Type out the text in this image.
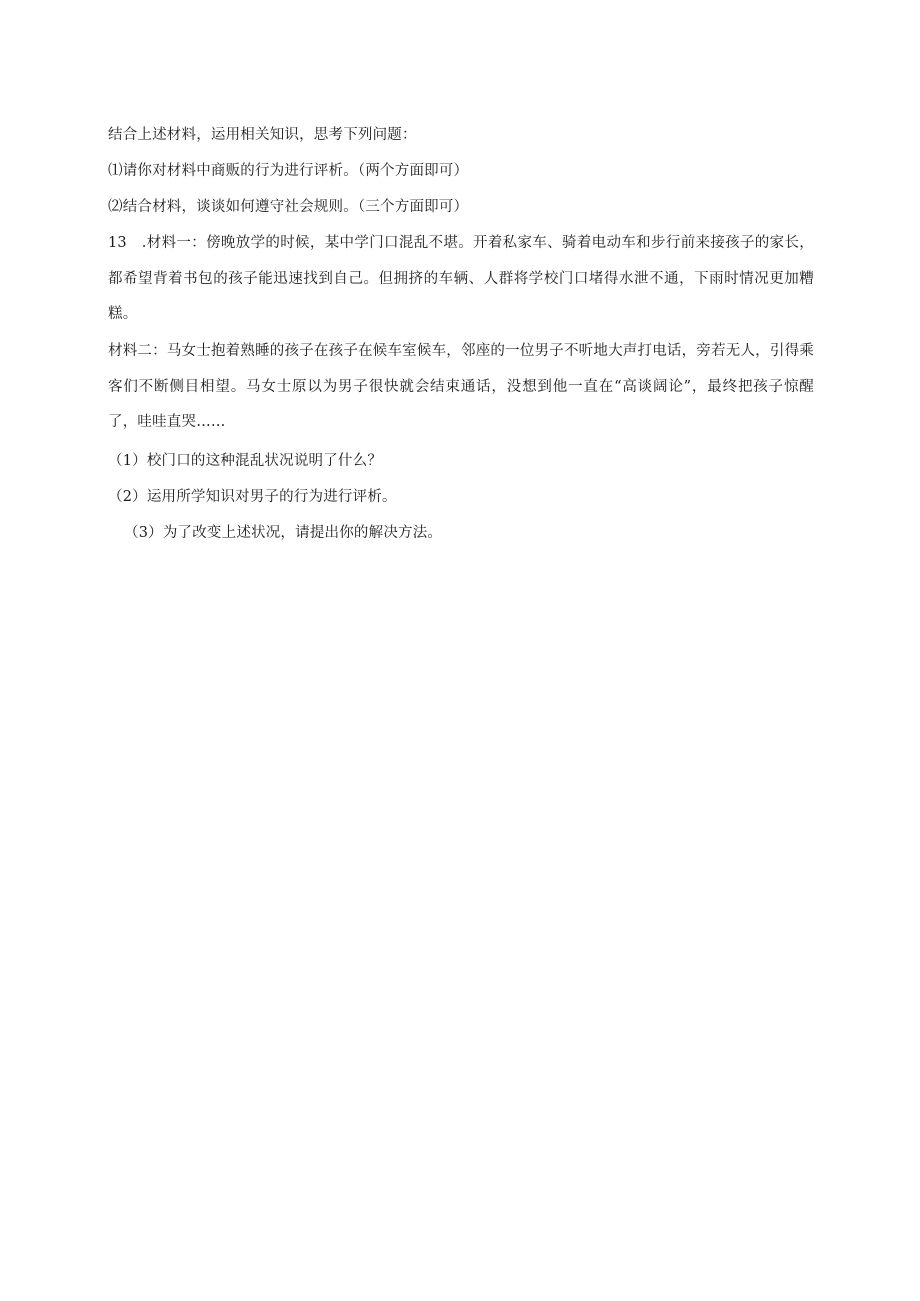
结合上述材料，运用相关知识，思考下列问题：
⑴请你对材料中商贩的行为进行评析。（两个方面即可）
⑵结合材料，谈谈如何遵守社会规则。（三个方面即可）
13　.材料一：傍晚放学的时候，某中学门口混乱不堪。开着私家车、骑着电动车和步行前来接孩子的家长，都希望背着书包的孩子能迅速找到自己。但拥挤的车辆、人群将学校门口堵得水泄不通，下雨时情况更加糟糕。
材料二：马女士抱着熟睡的孩子在孩子在候车室候车，邻座的一位男子不听地大声打电话，旁若无人，引得乘客们不断侧目相望。马女士原以为男子很快就会结束通话，没想到他一直在“高谈阔论”，最终把孩子惊醒了，哇哇直哭……
（1）校门口的这种混乱状况说明了什么？
（2）运用所学知识对男子的行为进行评析。
（3）为了改变上述状况，请提出你的解决方法。
